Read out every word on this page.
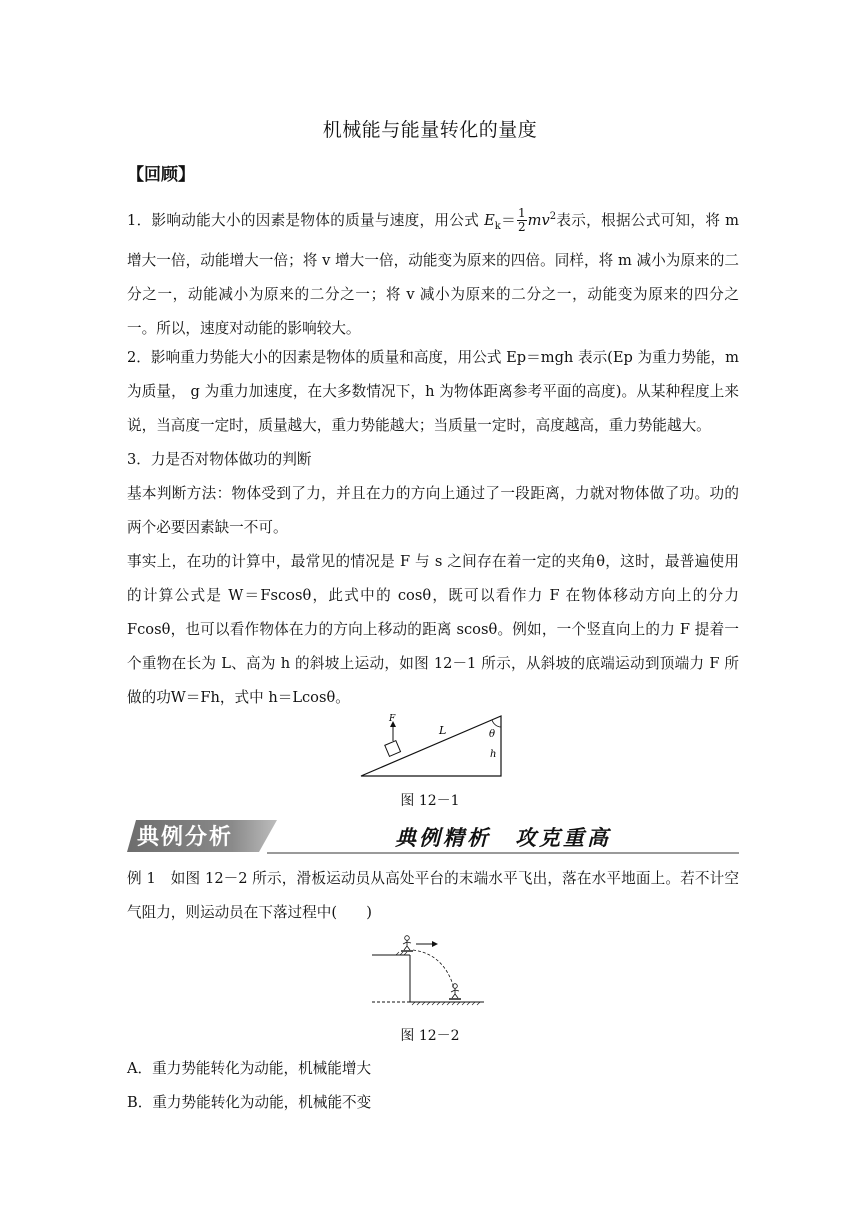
机械能与能量转化的量度
【回顾】
1．影响动能大小的因素是物体的质量与速度，用公式 $E_k= \frac{1}{2} mv^2$表示，根据公式可知，将 m 增大一倍，动能增大一倍；将 v 增大一倍，动能变为原来的四倍。同样，将 m 减小为原来的二分之一，动能减小为原来的二分之一；将 v 减小为原来的二分之一，动能变为原来的四分之一。所以，速度对动能的影响较大。
2．影响重力势能大小的因素是物体的质量和高度，用公式 Ep＝mgh 表示(Ep 为重力势能，m 为质量， g 为重力加速度，在大多数情况下，h 为物体距离参考平面的高度)。从某种程度上来说，当高度一定时，质量越大，重力势能越大；当质量一定时，高度越高，重力势能越大。
3．力是否对物体做功的判断
基本判断方法：物体受到了力，并且在力的方向上通过了一段距离，力就对物体做了功。功的两个必要因素缺一不可。
事实上，在功的计算中，最常见的情况是 F 与 s 之间存在着一定的夹角θ，这时，最普遍使用的计算公式是 W＝Fscosθ，此式中的 cosθ，既可以看作力 F 在物体移动方向上的分力 Fcosθ，也可以看作物体在力的方向上移动的距离 scosθ。例如，一个竖直向上的力 F 提着一个重物在长为 L、高为 h 的斜坡上运动，如图 12－1 所示，从斜坡的底端运动到顶端力 F 所做的功W＝Fh，式中 h＝Lcosθ。
F
L	θ
h
图 12－1
典例分析	典例精析　攻克重高
例 1　如图 12－2 所示，滑板运动员从高处平台的末端水平飞出，落在水平地面上。若不计空气阻力，则运动员在下落过程中(　　)
图 12－2
A．重力势能转化为动能，机械能增大
B．重力势能转化为动能，机械能不变
